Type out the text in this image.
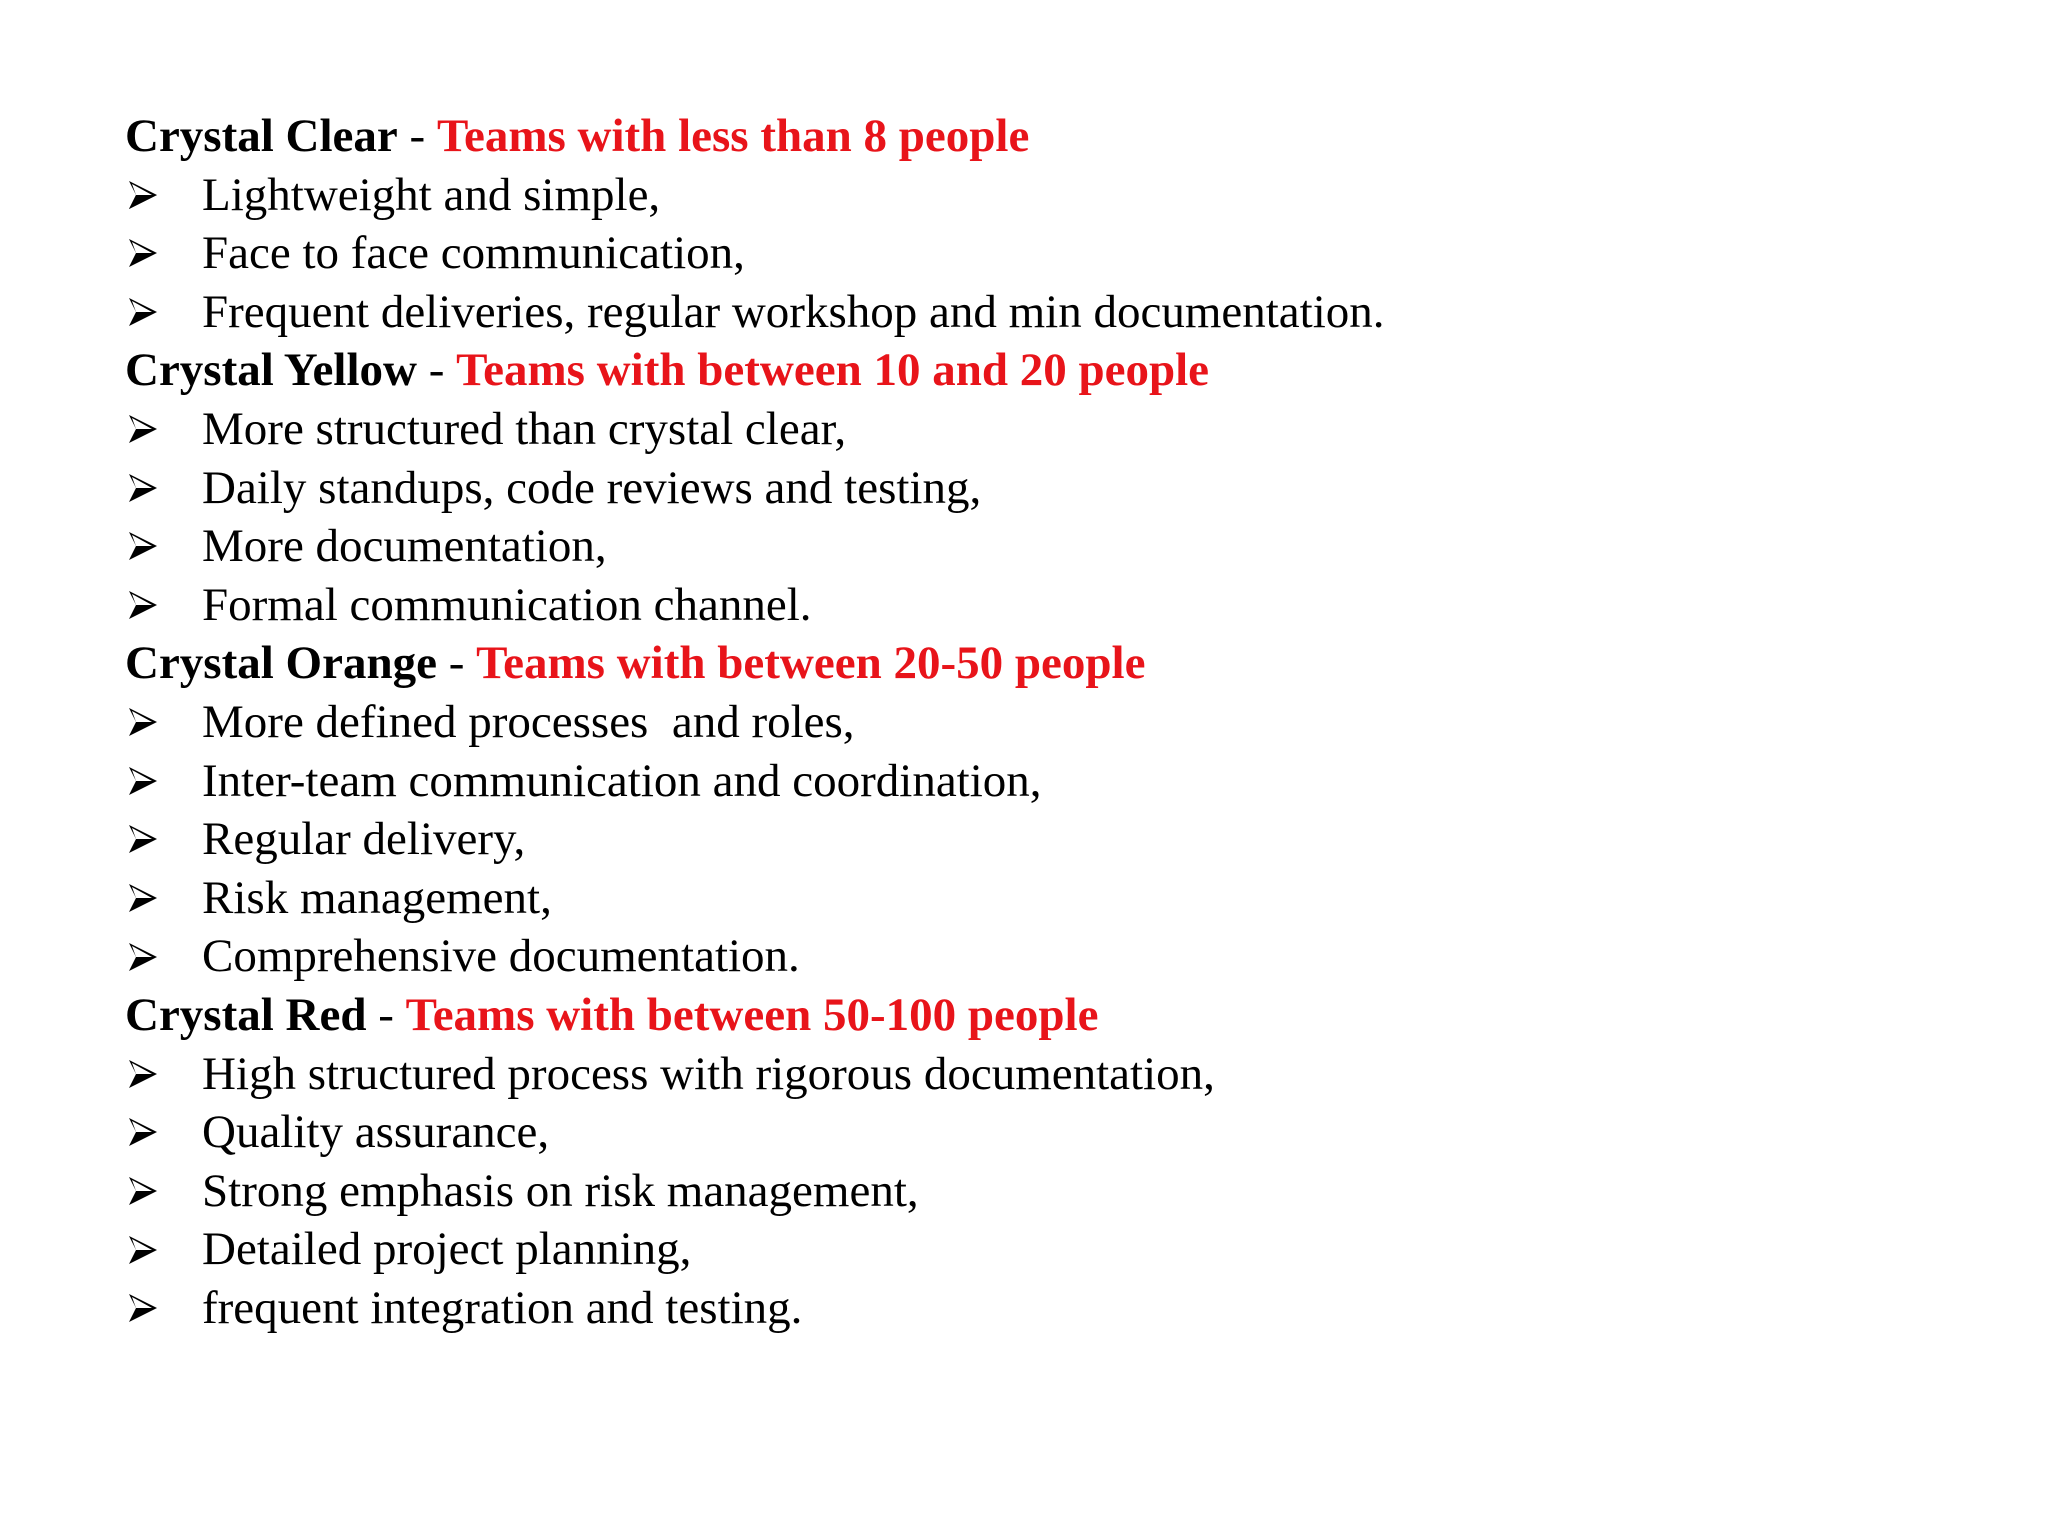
Crystal Clear - Teams with less than 8 people
Lightweight and simple,
Face to face communication,
Frequent deliveries, regular workshop and min documentation.
Crystal Yellow - Teams with between 10 and 20 people
More structured than crystal clear,
Daily standups, code reviews and testing,
More documentation,
Formal communication channel.
Crystal Orange - Teams with between 20-50 people
More defined processes  and roles,
Inter-team communication and coordination,
Regular delivery,
Risk management,
Comprehensive documentation.
Crystal Red - Teams with between 50-100 people
High structured process with rigorous documentation,
Quality assurance,
Strong emphasis on risk management,
Detailed project planning,
frequent integration and testing.
